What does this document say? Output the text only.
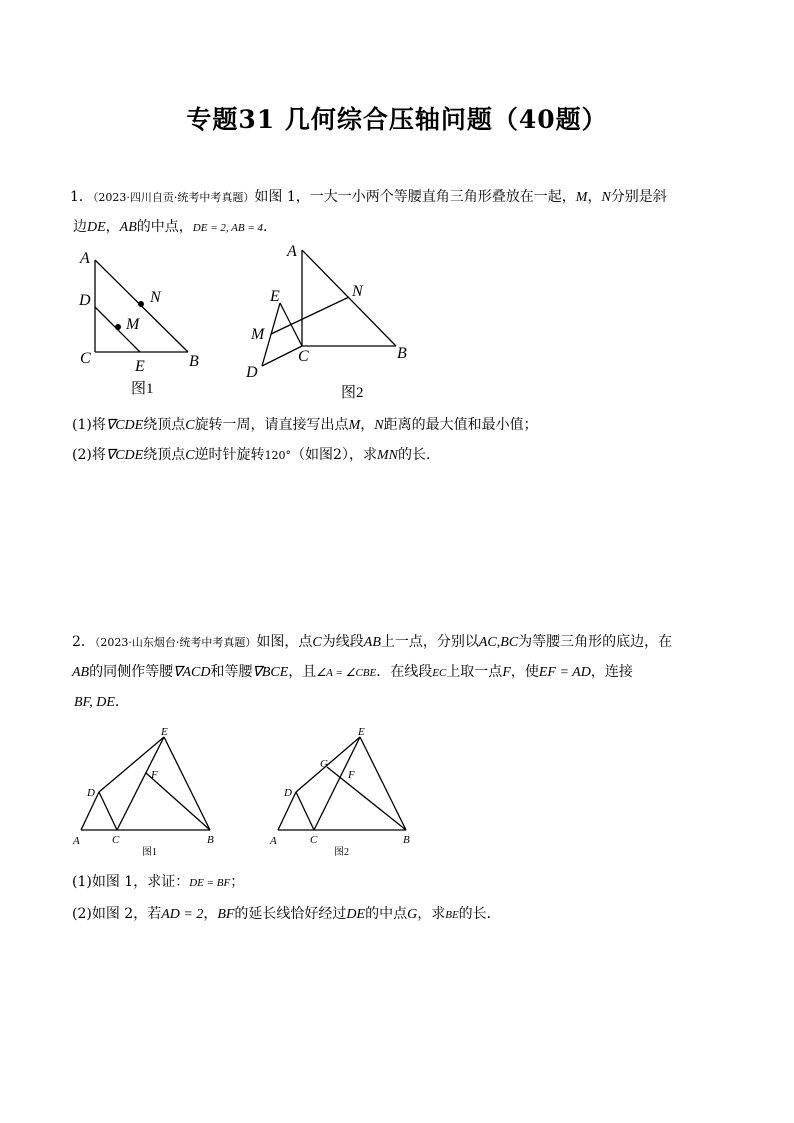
专题31 几何综合压轴问题（40题）
1．（2023·四川自贡·统考中考真题）如图 1，一大一小两个等腰直角三角形叠放在一起，M，N分别是斜
边DE，AB的中点，DE = 2, AB = 4.
A
D	N
M
C	E	B
图1
A
E	N
M
C	B
D
图2
(1)将∇CDE绕顶点C旋转一周，请直接写出点M，N距离的最大值和最小值；
(2)将∇CDE绕顶点C逆时针旋转120°（如图2），求MN的长．
2．（2023·山东烟台·统考中考真题）如图，点C为线段AB上一点，分别以AC,BC为等腰三角形的底边，在
AB的同侧作等腰∇ACD和等腰∇BCE，且∠A = ∠CBE．在线段EC上取一点F，使EF = AD，连接
BF, DE．
E
D
F
A	C	B
图1
E
G
D
F
A	C	B
图2
(1)如图 1，求证：DE = BF；
(2)如图 2，若AD = 2，BF的延长线恰好经过DE的中点G，求BE的长．
